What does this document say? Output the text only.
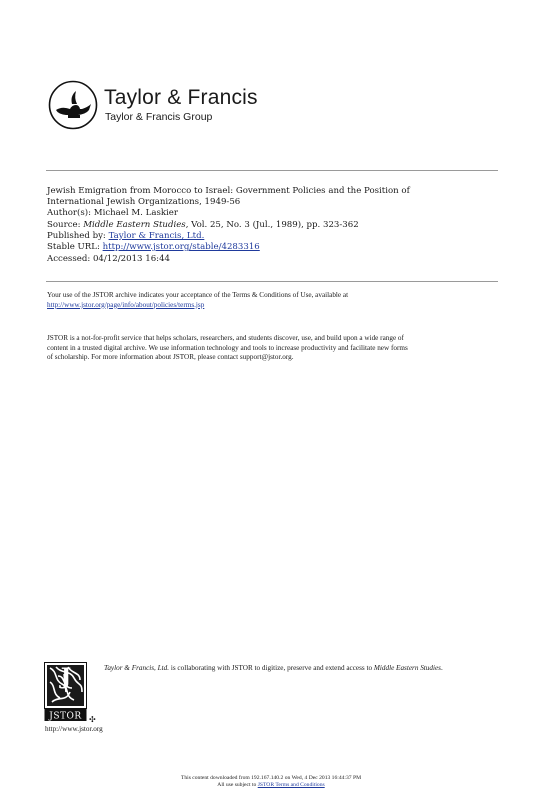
Taylor & Francis
Taylor & Francis Group
Jewish Emigration from Morocco to Israel: Government Policies and the Position of
International Jewish Organizations, 1949-56
Author(s): Michael M. Laskier
Source: Middle Eastern Studies, Vol. 25, No. 3 (Jul., 1989), pp. 323-362
Published by: Taylor & Francis, Ltd.
Stable URL: http://www.jstor.org/stable/4283316
Accessed: 04/12/2013 16:44
Your use of the JSTOR archive indicates your acceptance of the Terms & Conditions of Use, available at
http://www.jstor.org/page/info/about/policies/terms.jsp
JSTOR is a not-for-profit service that helps scholars, researchers, and students discover, use, and build upon a wide range of
content in a trusted digital archive. We use information technology and tools to increase productivity and facilitate new forms
of scholarship. For more information about JSTOR, please contact support@jstor.org.
J
JSTOR ✣
Taylor & Francis, Ltd. is collaborating with JSTOR to digitize, preserve and extend access to Middle Eastern Studies.
http://www.jstor.org
This content downloaded from 192.167.140.2 on Wed, 4 Dec 2013 16:44:37 PM
All use subject to JSTOR Terms and Conditions
